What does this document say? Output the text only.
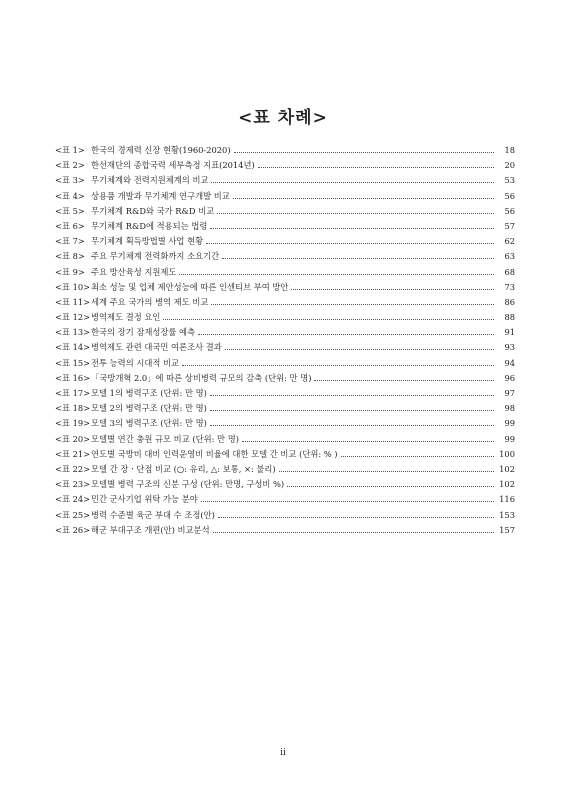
<표 차례>
<표 1> 한국의 경제력 신장 현황(1960-2020)	18
<표 2> 한선재단의 종합국력 세부측정 지표(2014년)	20
<표 3> 무기체계와 전력지원체계의 비교	53
<표 4> 상용품 개발과 무기체계 연구개발 비교	56
<표 5> 무기체계 R&D와 국가 R&D 비교	56
<표 6> 무기체계 R&D에 적용되는 법령	57
<표 7> 무기체계 획득방법별 사업 현황	62
<표 8> 주요 무기체계 전력화까지 소요기간	63
<표 9> 주요 방산육성 지원제도	68
<표 10> 최소 성능 및 업체 제안성능에 따른 인센티브 부여 방안	73
<표 11> 세계 주요 국가의 병역 제도 비교	86
<표 12> 병역제도 결정 요인	88
<표 13> 한국의 장기 잠재성장률 예측	91
<표 14> 병역제도 관련 대국민 여론조사 결과	93
<표 15> 전투 능력의 시대적 비교	94
<표 16> 「국방개혁 2.0」에 따른 상비병력 규모의 감축 (단위: 만 명)	96
<표 17> 모델 1의 병력구조 (단위: 만 명)	97
<표 18> 모델 2의 병력구조 (단위: 만 명)	98
<표 19> 모델 3의 병력구조 (단위: 만 명)	99
<표 20> 모델별 연간 충원 규모 비교 (단위: 만 명)	99
<표 21> 연도별 국방비 대비 인력운영비 비율에 대한 모델 간 비교 (단위: % )	100
<표 22> 모델 간 장ㆍ단점 비교 (○: 유리, △: 보통, ×: 불리)	102
<표 23> 모델별 병력 구조의 신분 구성 (단위: 만명, 구성비 %)	102
<표 24> 민간 군사기업 위탁 가능 분야	116
<표 25> 병력 수준별 육군 부대 수 조정(안)	153
<표 26> 해군 부대구조 개편(안) 비교분석	157
ii
